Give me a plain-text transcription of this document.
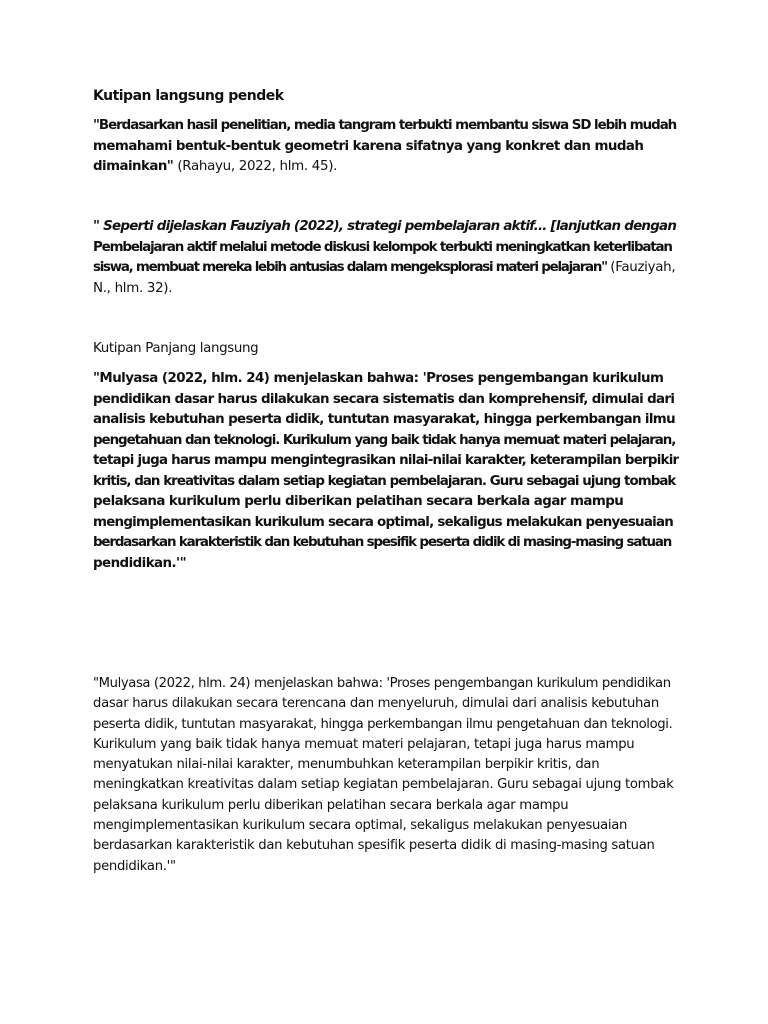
Kutipan langsung pendek
"Berdasarkan hasil penelitian, media tangram terbukti membantu siswa SD lebih mudah
memahami bentuk-bentuk geometri karena sifatnya yang konkret dan mudah
dimainkan" (Rahayu, 2022, hlm. 45).
" Seperti dijelaskan Fauziyah (2022), strategi pembelajaran aktif... [lanjutkan dengan
Pembelajaran aktif melalui metode diskusi kelompok terbukti meningkatkan keterlibatan
siswa, membuat mereka lebih antusias dalam mengeksplorasi materi pelajaran" (Fauziyah,
N., hlm. 32).
Kutipan Panjang langsung
"Mulyasa (2022, hlm. 24) menjelaskan bahwa: 'Proses pengembangan kurikulum
pendidikan dasar harus dilakukan secara sistematis dan komprehensif, dimulai dari
analisis kebutuhan peserta didik, tuntutan masyarakat, hingga perkembangan ilmu
pengetahuan dan teknologi. Kurikulum yang baik tidak hanya memuat materi pelajaran,
tetapi juga harus mampu mengintegrasikan nilai-nilai karakter, keterampilan berpikir
kritis, dan kreativitas dalam setiap kegiatan pembelajaran. Guru sebagai ujung tombak
pelaksana kurikulum perlu diberikan pelatihan secara berkala agar mampu
mengimplementasikan kurikulum secara optimal, sekaligus melakukan penyesuaian
berdasarkan karakteristik dan kebutuhan spesifik peserta didik di masing-masing satuan
pendidikan.'"
"Mulyasa (2022, hlm. 24) menjelaskan bahwa: 'Proses pengembangan kurikulum pendidikan
dasar harus dilakukan secara terencana dan menyeluruh, dimulai dari analisis kebutuhan
peserta didik, tuntutan masyarakat, hingga perkembangan ilmu pengetahuan dan teknologi.
Kurikulum yang baik tidak hanya memuat materi pelajaran, tetapi juga harus mampu
menyatukan nilai-nilai karakter, menumbuhkan keterampilan berpikir kritis, dan
meningkatkan kreativitas dalam setiap kegiatan pembelajaran. Guru sebagai ujung tombak
pelaksana kurikulum perlu diberikan pelatihan secara berkala agar mampu
mengimplementasikan kurikulum secara optimal, sekaligus melakukan penyesuaian
berdasarkan karakteristik dan kebutuhan spesifik peserta didik di masing-masing satuan
pendidikan.'"
